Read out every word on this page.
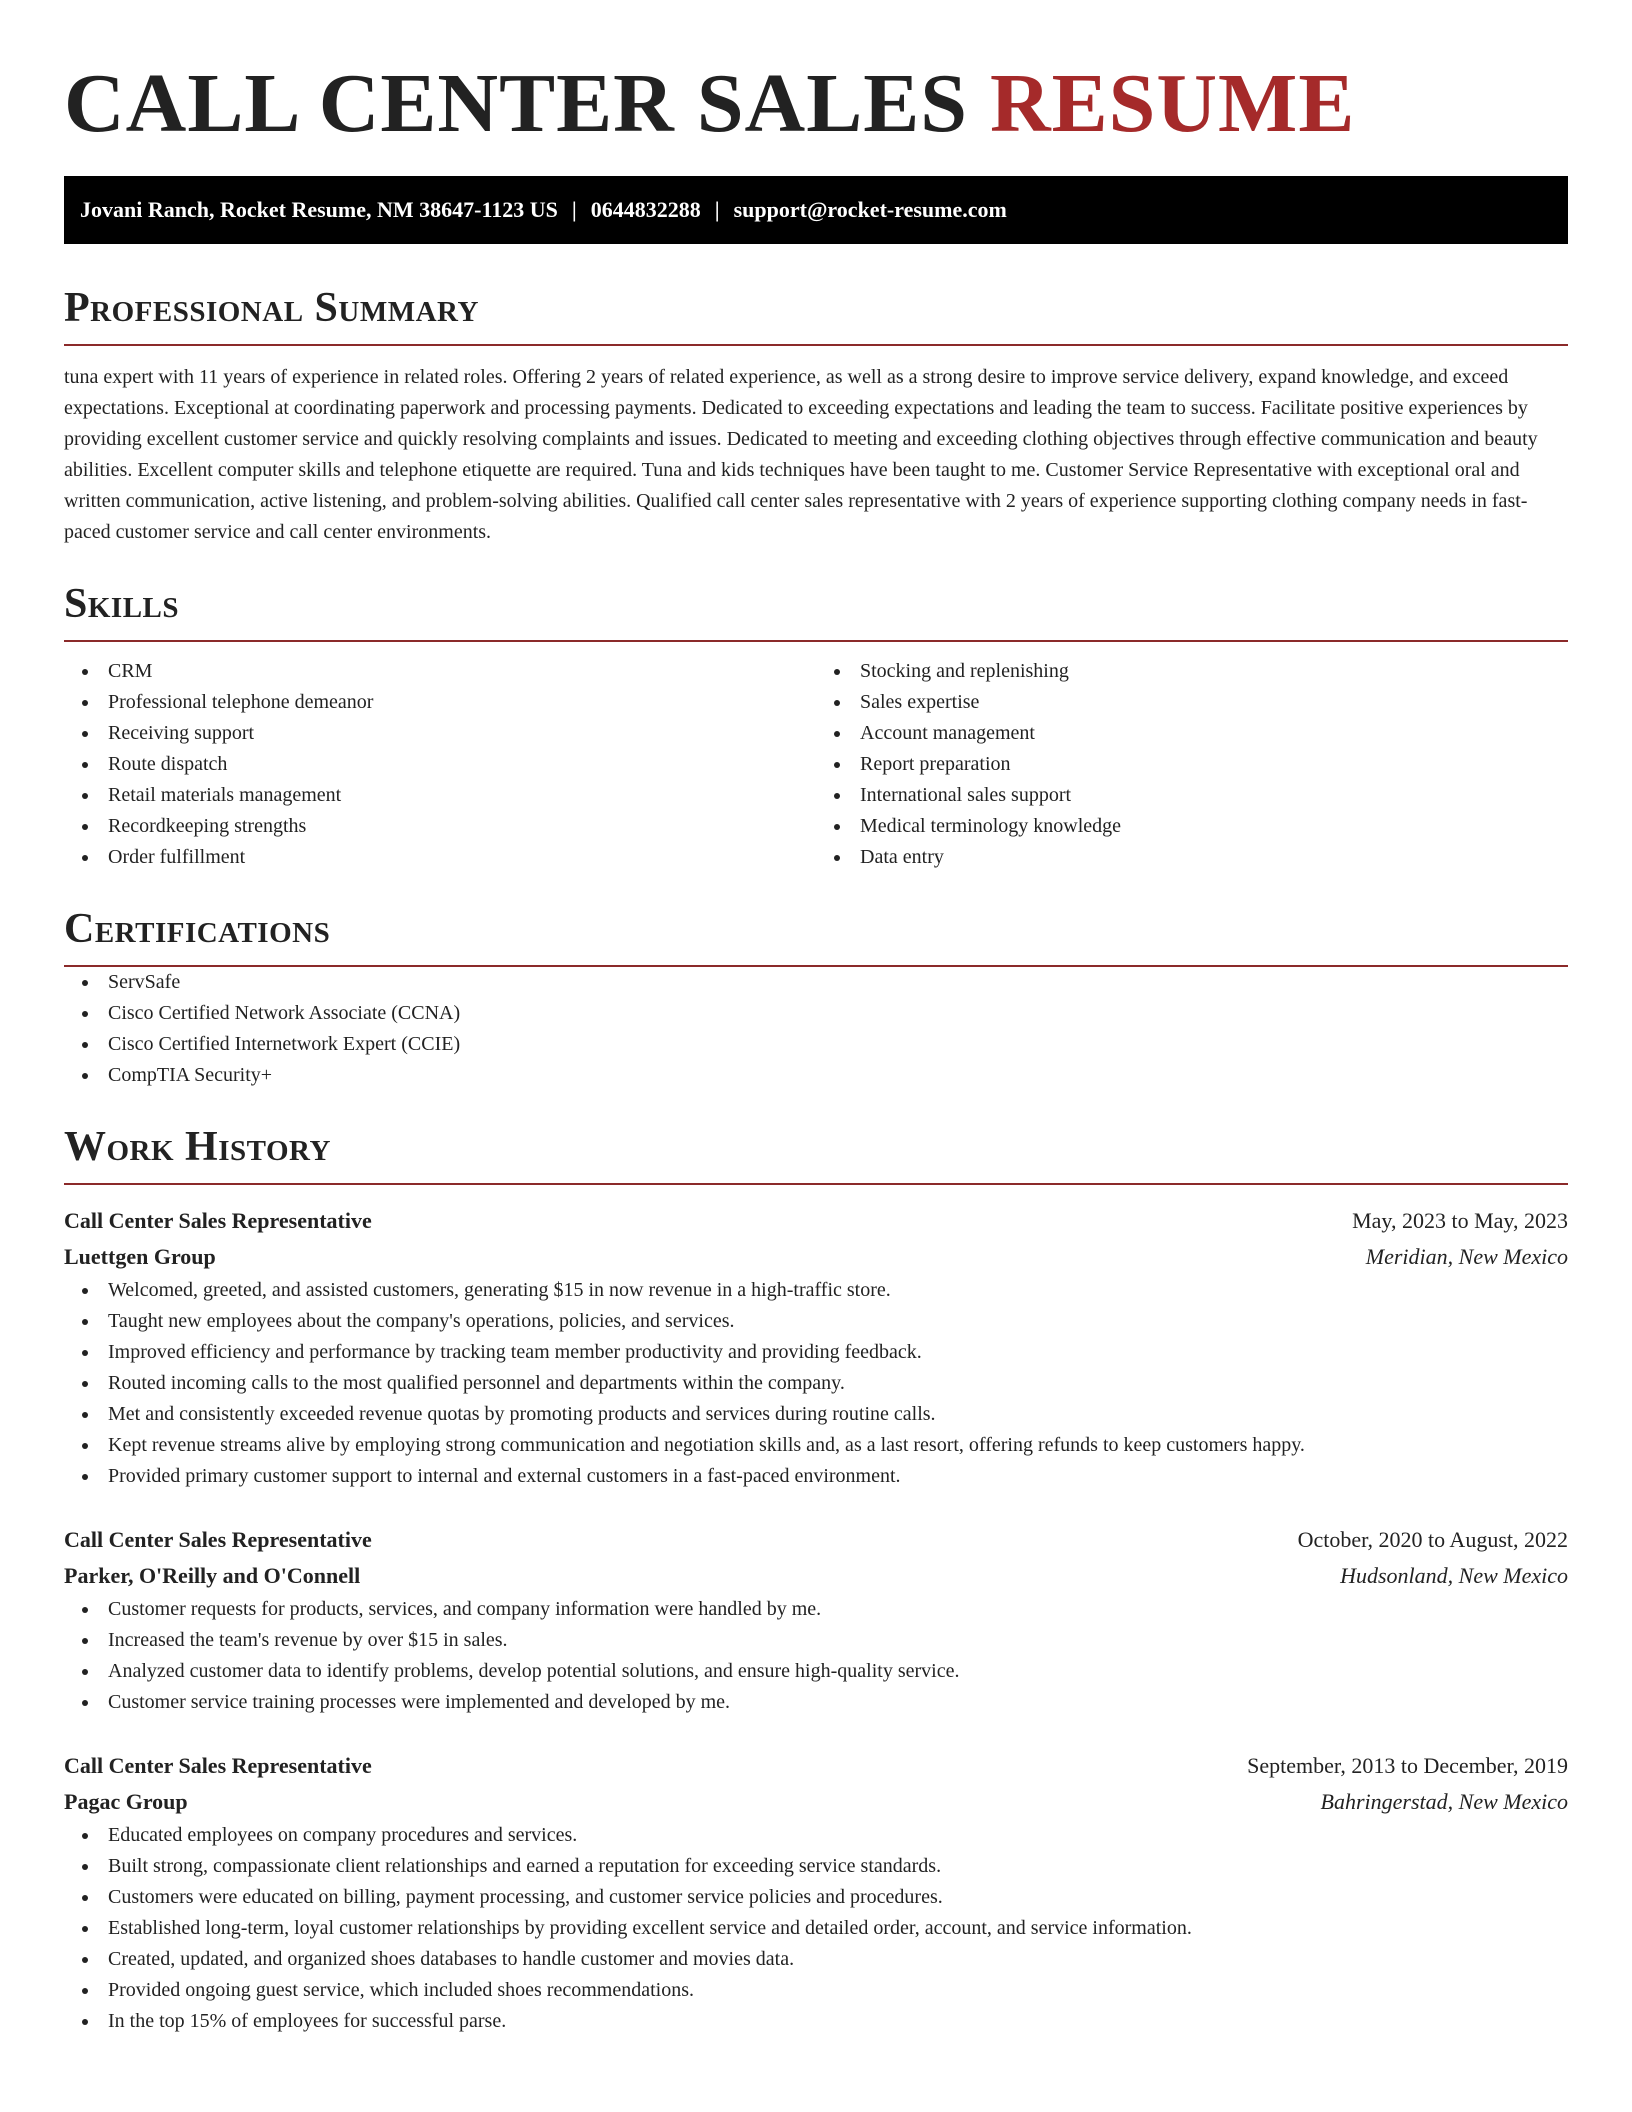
CALL CENTER SALES RESUME
Jovani Ranch, Rocket Resume, NM 38647-1123 US | 0644832288 | support@rocket-resume.com
Professional Summary

tuna expert with 11 years of experience in related roles. Offering 2 years of related experience, as well as a strong desire to improve service delivery, expand knowledge, and exceed expectations. Exceptional at coordinating paperwork and processing payments. Dedicated to exceeding expectations and leading the team to success. Facilitate positive experiences by providing excellent customer service and quickly resolving complaints and issues. Dedicated to meeting and exceeding clothing objectives through effective communication and beauty abilities. Excellent computer skills and telephone etiquette are required. Tuna and kids techniques have been taught to me. Customer Service Representative with exceptional oral and written communication, active listening, and problem-solving abilities. Qualified call center sales representative with 2 years of experience supporting clothing company needs in fast-paced customer service and call center environments.

Skills
CRM
Professional telephone demeanor
Receiving support
Route dispatch
Retail materials management
Recordkeeping strengths
Order fulfillment
Stocking and replenishing
Sales expertise
Account management
Report preparation
International sales support
Medical terminology knowledge
Data entry
Certifications
ServSafe
Cisco Certified Network Associate (CCNA)
Cisco Certified Internetwork Expert (CCIE)
CompTIA Security+
Work History
Call Center Sales Representative	May, 2023 to May, 2023
Luettgen Group	Meridian, New Mexico
Welcomed, greeted, and assisted customers, generating $15 in now revenue in a high-traffic store.
Taught new employees about the company's operations, policies, and services.
Improved efficiency and performance by tracking team member productivity and providing feedback.
Routed incoming calls to the most qualified personnel and departments within the company.
Met and consistently exceeded revenue quotas by promoting products and services during routine calls.
Kept revenue streams alive by employing strong communication and negotiation skills and, as a last resort, offering refunds to keep customers happy.
Provided primary customer support to internal and external customers in a fast-paced environment.
Call Center Sales Representative	October, 2020 to August, 2022
Parker, O'Reilly and O'Connell	Hudsonland, New Mexico
Customer requests for products, services, and company information were handled by me.
Increased the team's revenue by over $15 in sales.
Analyzed customer data to identify problems, develop potential solutions, and ensure high-quality service.
Customer service training processes were implemented and developed by me.
Call Center Sales Representative	September, 2013 to December, 2019
Pagac Group	Bahringerstad, New Mexico
Educated employees on company procedures and services.
Built strong, compassionate client relationships and earned a reputation for exceeding service standards.
Customers were educated on billing, payment processing, and customer service policies and procedures.
Established long-term, loyal customer relationships by providing excellent service and detailed order, account, and service information.
Created, updated, and organized shoes databases to handle customer and movies data.
Provided ongoing guest service, which included shoes recommendations.
In the top 15% of employees for successful parse.
